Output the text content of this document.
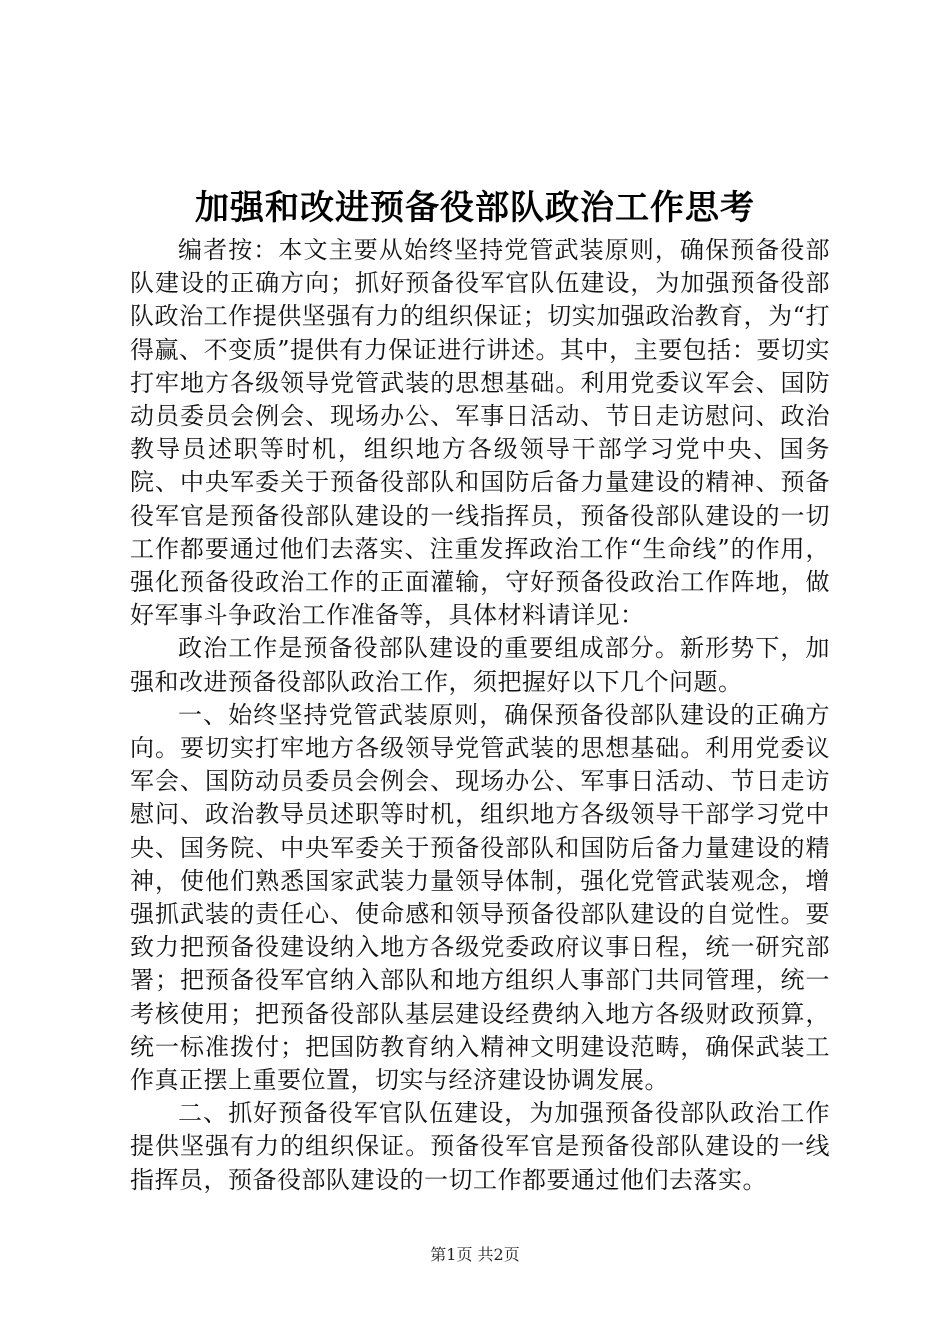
加强和改进预备役部队政治工作思考

编者按：本文主要从始终坚持党管武装原则，确保预备役部队建设的正确方向；抓好预备役军官队伍建设，为加强预备役部队政治工作提供坚强有力的组织保证；切实加强政治教育，为“打得赢、不变质”提供有力保证进行讲述。其中，主要包括：要切实打牢地方各级领导党管武装的思想基础。利用党委议军会、国防动员委员会例会、现场办公、军事日活动、节日走访慰问、政治教导员述职等时机，组织地方各级领导干部学习党中央、国务院、中央军委关于预备役部队和国防后备力量建设的精神、预备役军官是预备役部队建设的一线指挥员，预备役部队建设的一切工作都要通过他们去落实、注重发挥政治工作“生命线”的作用，强化预备役政治工作的正面灌输，守好预备役政治工作阵地，做好军事斗争政治工作准备等，具体材料请详见：

政治工作是预备役部队建设的重要组成部分。新形势下，加强和改进预备役部队政治工作，须把握好以下几个问题。

一、始终坚持党管武装原则，确保预备役部队建设的正确方向。要切实打牢地方各级领导党管武装的思想基础。利用党委议军会、国防动员委员会例会、现场办公、军事日活动、节日走访慰问、政治教导员述职等时机，组织地方各级领导干部学习党中央、国务院、中央军委关于预备役部队和国防后备力量建设的精神，使他们熟悉国家武装力量领导体制，强化党管武装观念，增强抓武装的责任心、使命感和领导预备役部队建设的自觉性。要致力把预备役建设纳入地方各级党委政府议事日程，统一研究部署；把预备役军官纳入部队和地方组织人事部门共同管理，统一考核使用；把预备役部队基层建设经费纳入地方各级财政预算，统一标准拨付；把国防教育纳入精神文明建设范畴，确保武装工作真正摆上重要位置，切实与经济建设协调发展。

二、抓好预备役军官队伍建设，为加强预备役部队政治工作提供坚强有力的组织保证。预备役军官是预备役部队建设的一线指挥员，预备役部队建设的一切工作都要通过他们去落实。

第1页 共2页
